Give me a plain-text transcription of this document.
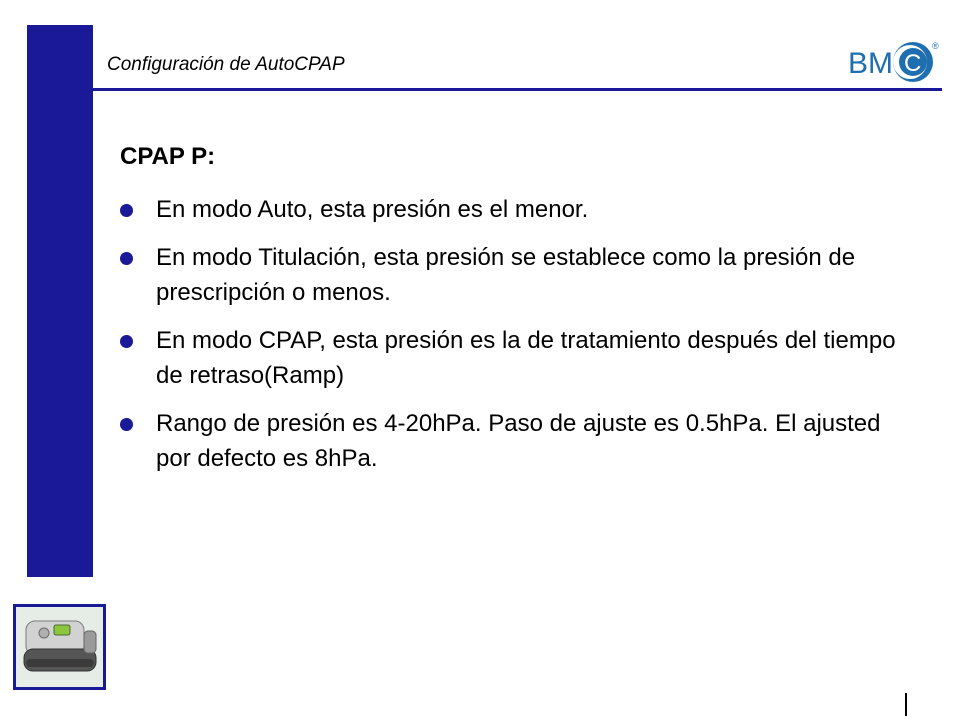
Configuración de AutoCPAP	B M C
®
CPAP P:
En modo Auto, esta presión es el menor.
En modo Titulación, esta presión se establece como la presión de prescripción o menos.
En modo CPAP, esta presión es la de tratamiento después del tiempo de retraso(Ramp)
Rango de presión es 4-20hPa. Paso de ajuste es 0.5hPa. El ajusted por defecto es 8hPa.
